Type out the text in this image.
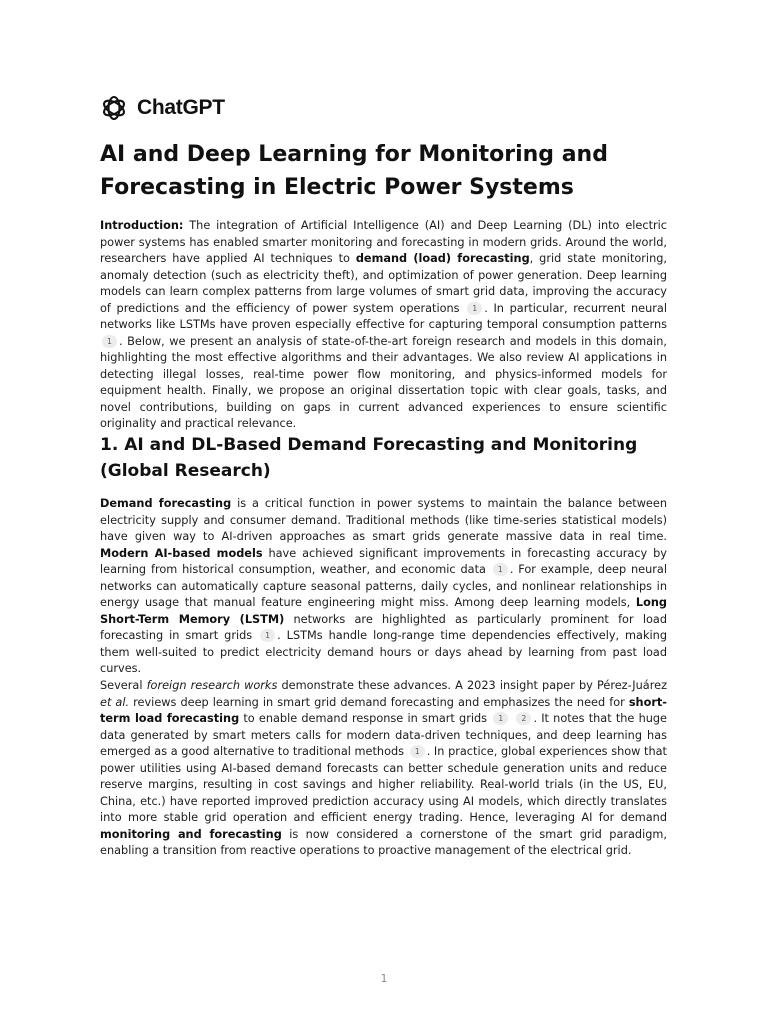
ChatGPT
AI and Deep Learning for Monitoring and Forecasting in Electric Power Systems

Introduction: The integration of Artificial Intelligence (AI) and Deep Learning (DL) into electric power systems has enabled smarter monitoring and forecasting in modern grids. Around the world, researchers have applied AI techniques to demand (load) forecasting, grid state monitoring, anomaly detection (such as electricity theft), and optimization of power generation. Deep learning models can learn complex patterns from large volumes of smart grid data, improving the accuracy of predictions and the efficiency of power system operations 1 . In particular, recurrent neural networks like LSTMs have proven especially effective for capturing temporal consumption patterns 1 . Below, we present an analysis of state-of-the-art foreign research and models in this domain, highlighting the most effective algorithms and their advantages. We also review AI applications in detecting illegal losses, real-time power flow monitoring, and physics-informed models for equipment health. Finally, we propose an original dissertation topic with clear goals, tasks, and novel contributions, building on gaps in current advanced experiences to ensure scientific originality and practical relevance.

1. AI and DL-Based Demand Forecasting and Monitoring (Global Research)

Demand forecasting is a critical function in power systems to maintain the balance between electricity supply and consumer demand. Traditional methods (like time-series statistical models) have given way to AI-driven approaches as smart grids generate massive data in real time. Modern AI-based models have achieved significant improvements in forecasting accuracy by learning from historical consumption, weather, and economic data 1 . For example, deep neural networks can automatically capture seasonal patterns, daily cycles, and nonlinear relationships in energy usage that manual feature engineering might miss. Among deep learning models, Long Short-Term Memory (LSTM) networks are highlighted as particularly prominent for load forecasting in smart grids 1 . LSTMs handle long-range time dependencies effectively, making them well-suited to predict electricity demand hours or days ahead by learning from past load curves.

Several foreign research works demonstrate these advances. A 2023 insight paper by Pérez-Juárez et al. reviews deep learning in smart grid demand forecasting and emphasizes the need for short-term load forecasting to enable demand response in smart grids 1 2 . It notes that the huge data generated by smart meters calls for modern data-driven techniques, and deep learning has emerged as a good alternative to traditional methods 1 . In practice, global experiences show that power utilities using AI-based demand forecasts can better schedule generation units and reduce reserve margins, resulting in cost savings and higher reliability. Real-world trials (in the US, EU, China, etc.) have reported improved prediction accuracy using AI models, which directly translates into more stable grid operation and efficient energy trading. Hence, leveraging AI for demand monitoring and forecasting is now considered a cornerstone of the smart grid paradigm, enabling a transition from reactive operations to proactive management of the electrical grid.

1
